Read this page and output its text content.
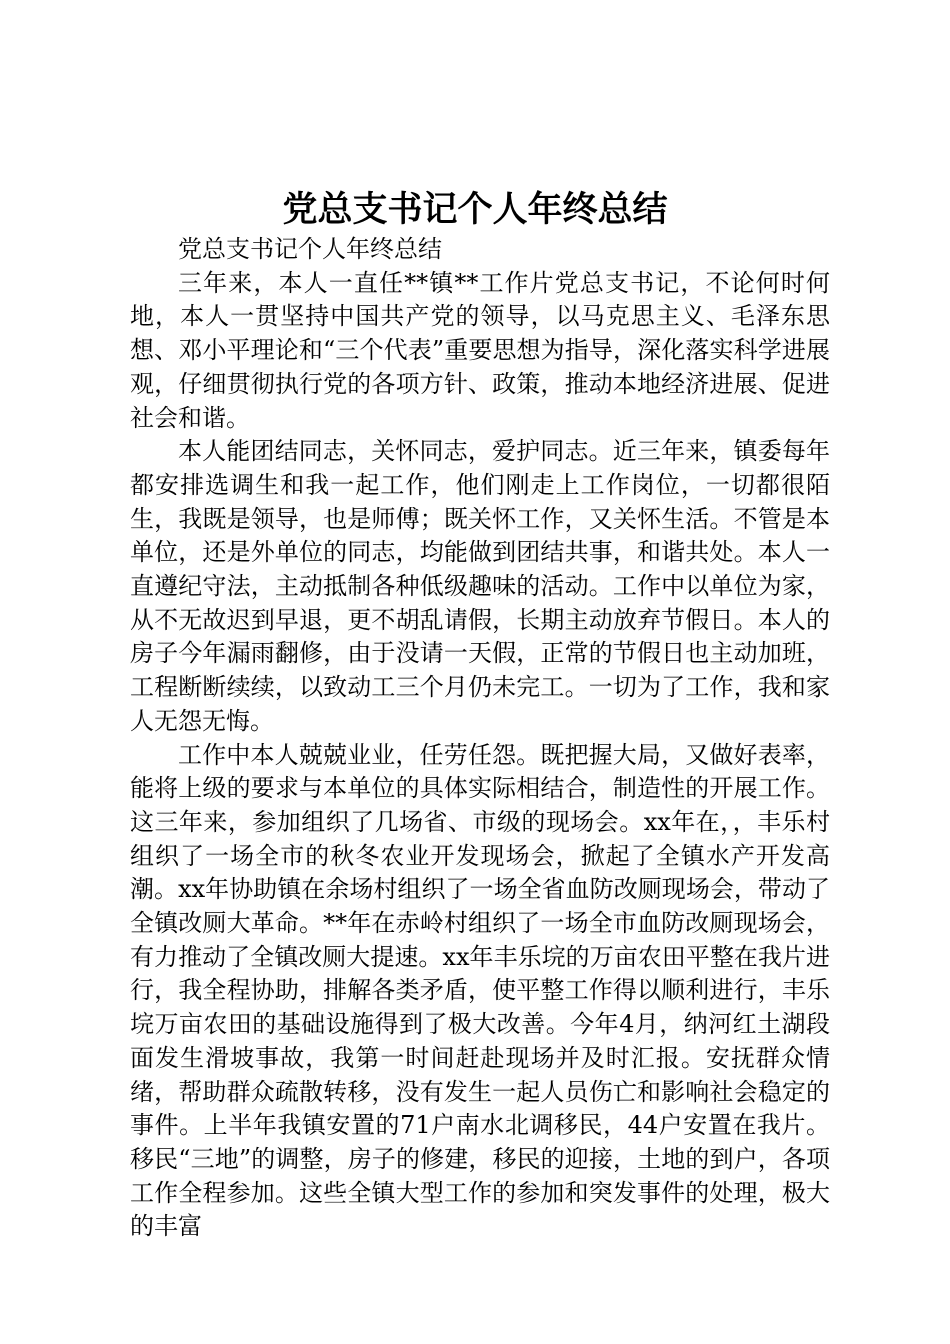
党总支书记个人年终总结

党总支书记个人年终总结

三年来，本人一直任**镇**工作片党总支书记，不论何时何地，本人一贯坚持中国共产党的领导，以马克思主义、毛泽东思想、邓小平理论和“三个代表”重要思想为指导，深化落实科学进展观，仔细贯彻执行党的各项方针、政策，推动本地经济进展、促进社会和谐。

本人能团结同志，关怀同志，爱护同志。近三年来，镇委每年都安排选调生和我一起工作，他们刚走上工作岗位，一切都很陌生，我既是领导，也是师傅；既关怀工作，又关怀生活。不管是本单位，还是外单位的同志，均能做到团结共事，和谐共处。本人一直遵纪守法，主动抵制各种低级趣味的活动。工作中以单位为家，从不无故迟到早退，更不胡乱请假，长期主动放弃节假日。本人的房子今年漏雨翻修，由于没请一天假，正常的节假日也主动加班，工程断断续续，以致动工三个月仍未完工。一切为了工作，我和家人无怨无悔。

工作中本人兢兢业业，任劳任怨。既把握大局，又做好表率，能将上级的要求与本单位的具体实际相结合，制造性的开展工作。这三年来，参加组织了几场省、市级的现场会。xx年在，，丰乐村组织了一场全市的秋冬农业开发现场会，掀起了全镇水产开发高潮。xx年协助镇在余场村组织了一场全省血防改厕现场会，带动了全镇改厕大革命。**年在赤岭村组织了一场全市血防改厕现场会，有力推动了全镇改厕大提速。xx年丰乐垸的万亩农田平整在我片进行，我全程协助，排解各类矛盾，使平整工作得以顺利进行，丰乐垸万亩农田的基础设施得到了极大改善。今年4月，纳河红土湖段面发生滑坡事故，我第一时间赶赴现场并及时汇报。安抚群众情绪，帮助群众疏散转移，没有发生一起人员伤亡和影响社会稳定的事件。上半年我镇安置的71户南水北调移民，44户安置在我片。移民“三地”的调整，房子的修建，移民的迎接，土地的到户，各项工作全程参加。这些全镇大型工作的参加和突发事件的处理，极大的丰富
